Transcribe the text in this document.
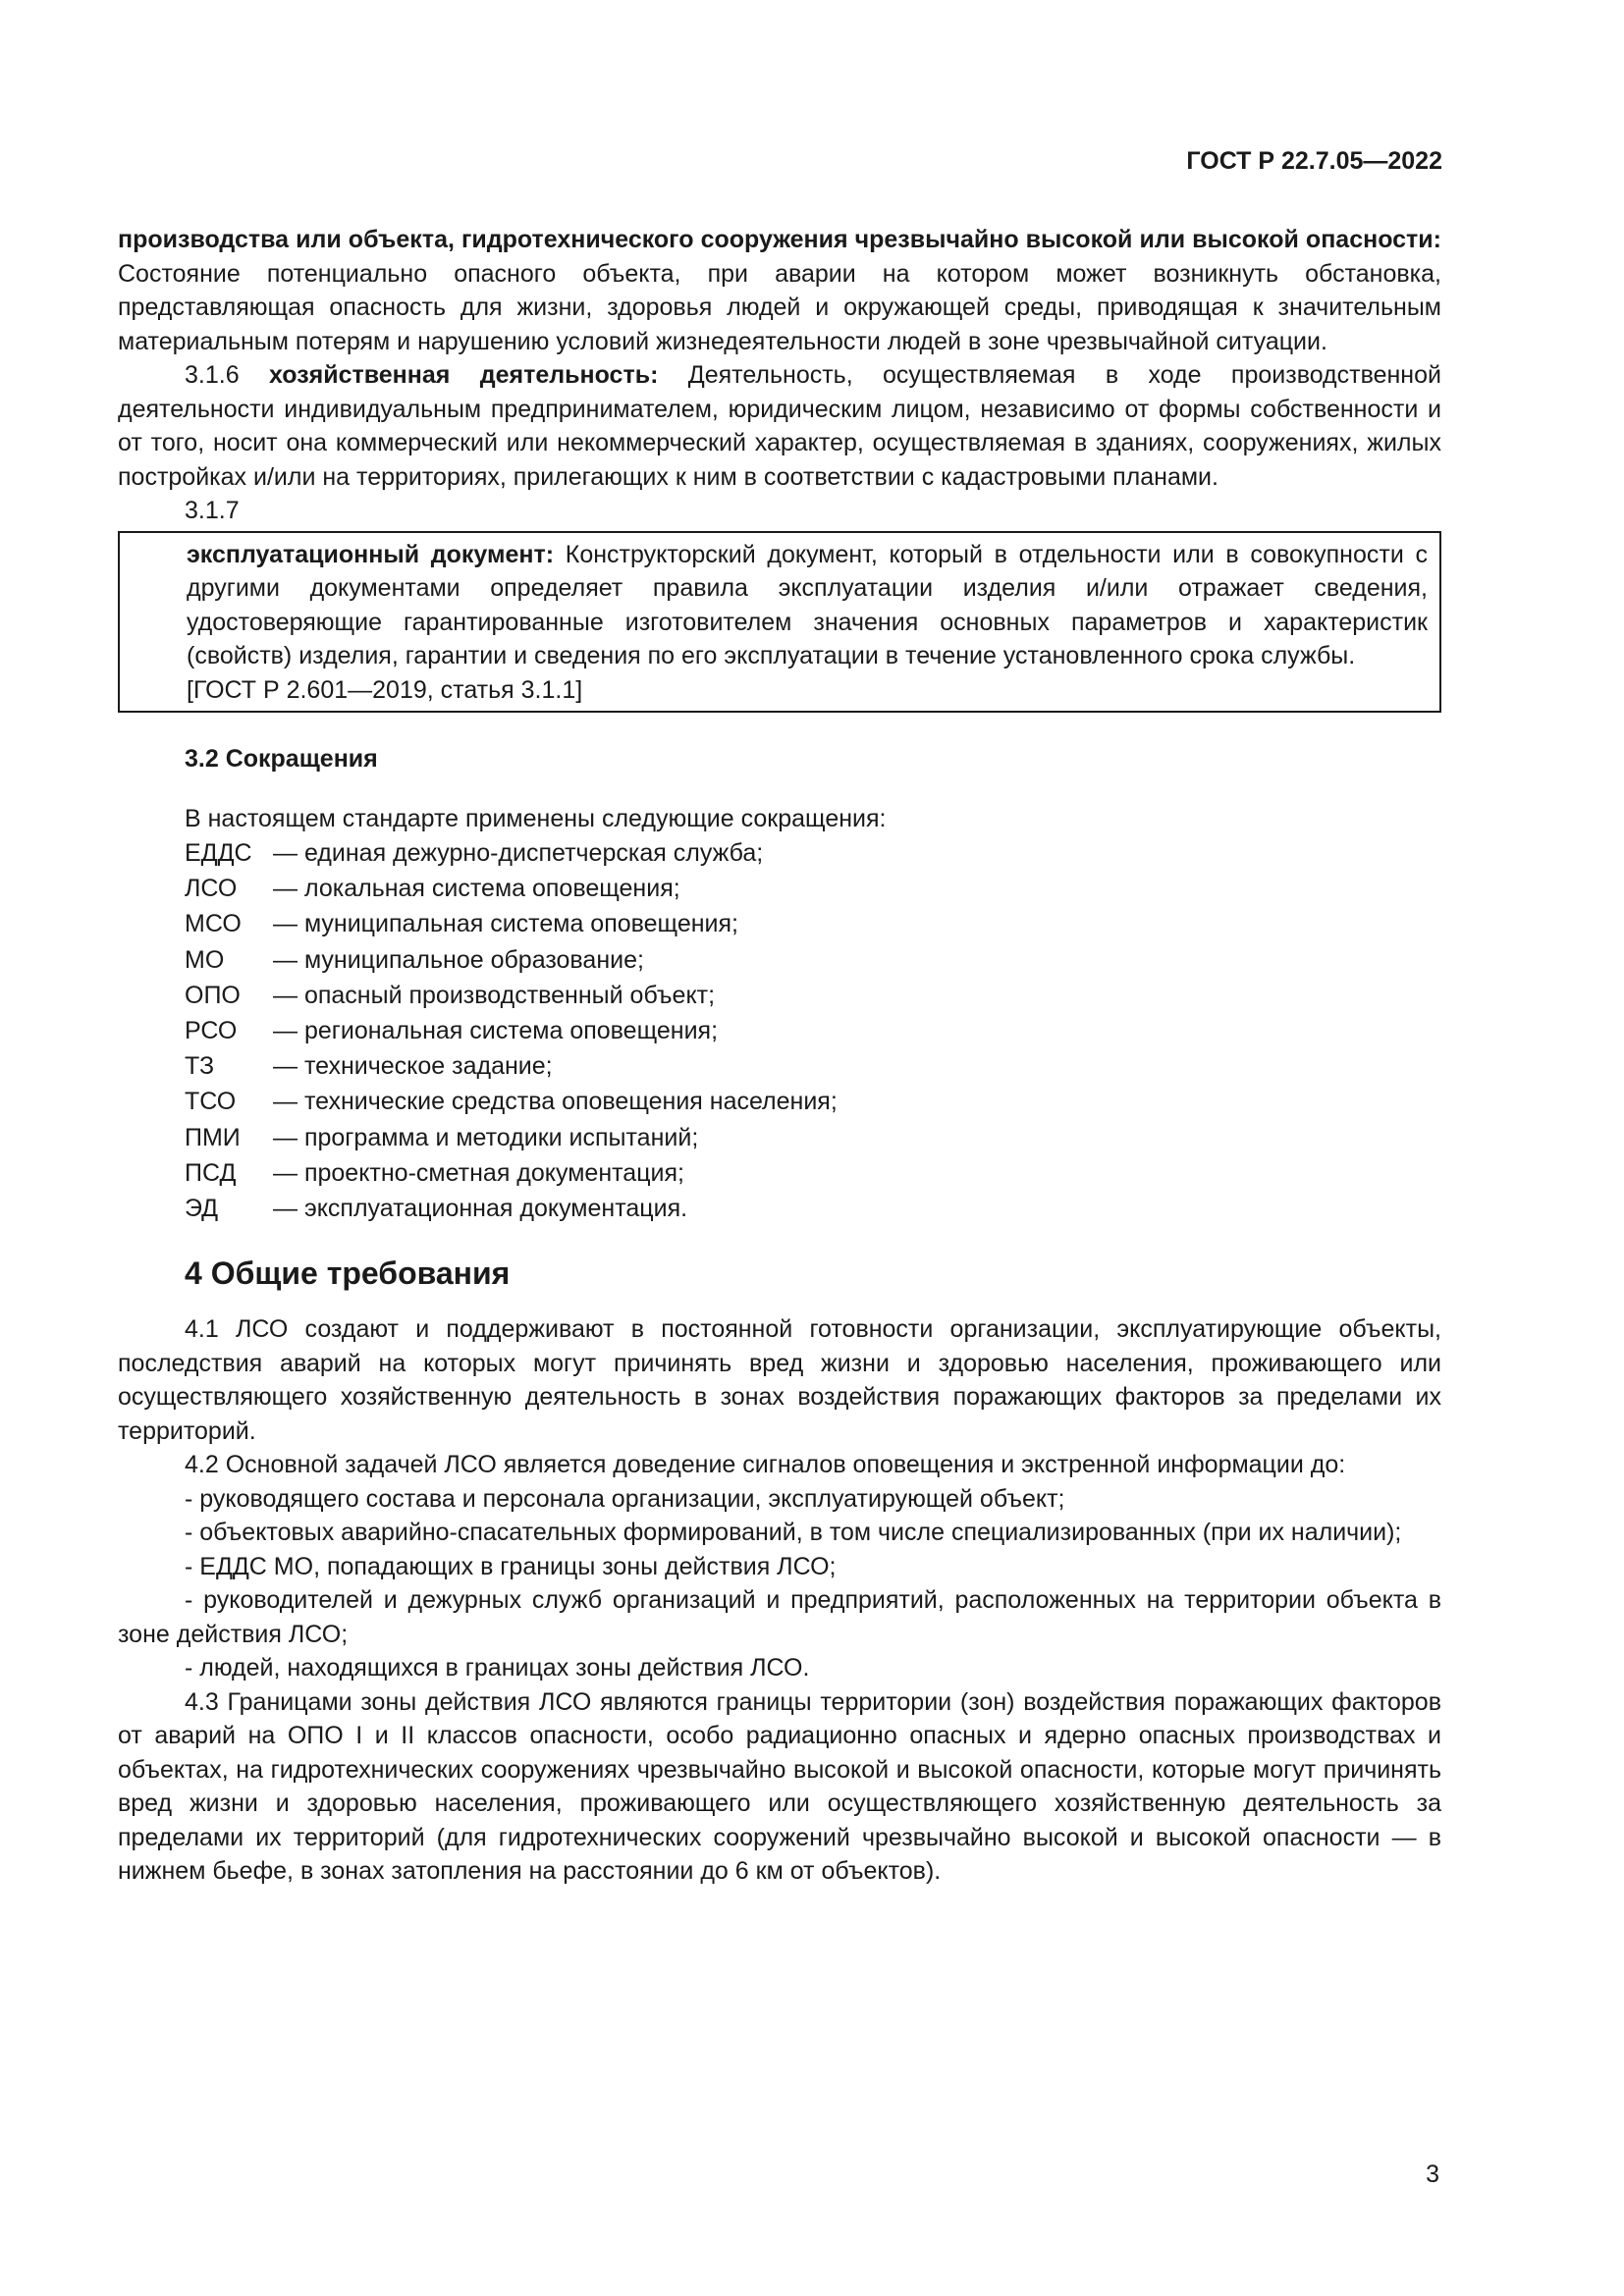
ГОСТ Р 22.7.05—2022

производства или объекта, гидротехнического сооружения чрезвычайно высокой или высокой опасности: Состояние потенциально опасного объекта, при аварии на котором может возникнуть обстановка, представляющая опасность для жизни, здоровья людей и окружающей среды, приводящая к значительным материальным потерям и нарушению условий жизнедеятельности людей в зоне чрезвычайной ситуации.

3.1.6 хозяйственная деятельность: Деятельность, осуществляемая в ходе производственной деятельности индивидуальным предпринимателем, юридическим лицом, независимо от формы собственности и от того, носит она коммерческий или некоммерческий характер, осуществляемая в зданиях, сооружениях, жилых постройках и/или на территориях, прилегающих к ним в соответствии с кадастровыми планами.

3.1.7

эксплуатационный документ: Конструкторский документ, который в отдельности или в совокупности с другими документами определяет правила эксплуатации изделия и/или отражает сведения, удостоверяющие гарантированные изготовителем значения основных параметров и характеристик (свойств) изделия, гарантии и сведения по его эксплуатации в течение установленного срока службы.

[ГОСТ Р 2.601—2019, статья 3.1.1]

3.2 Сокращения
В настоящем стандарте применены следующие сокращения:
ЕДДС — единая дежурно-диспетчерская служба;
ЛСО	— локальная система оповещения;
МСО	— муниципальная система оповещения;
МО	— муниципальное образование;
ОПО	— опасный производственный объект;
РСО	— региональная система оповещения;
ТЗ	— техническое задание;
ТСО	— технические средства оповещения населения;
ПМИ	— программа и методики испытаний;
ПСД	— проектно-сметная документация;
ЭД	— эксплуатационная документация.
4 Общие требования

4.1 ЛСО создают и поддерживают в постоянной готовности организации, эксплуатирующие объекты, последствия аварий на которых могут причинять вред жизни и здоровью населения, проживающего или осуществляющего хозяйственную деятельность в зонах воздействия поражающих факторов за пределами их территорий.

4.2 Основной задачей ЛСО является доведение сигналов оповещения и экстренной информации до:

- руководящего состава и персонала организации, эксплуатирующей объект;

- объектовых аварийно-спасательных формирований, в том числе специализированных (при их наличии);

- ЕДДС МО, попадающих в границы зоны действия ЛСО;

- руководителей и дежурных служб организаций и предприятий, расположенных на территории объекта в зоне действия ЛСО;

- людей, находящихся в границах зоны действия ЛСО.

4.3 Границами зоны действия ЛСО являются границы территории (зон) воздействия поражающих факторов от аварий на ОПО I и II классов опасности, особо радиационно опасных и ядерно опасных производствах и объектах, на гидротехнических сооружениях чрезвычайно высокой и высокой опасности, которые могут причинять вред жизни и здоровью населения, проживающего или осуществляющего хозяйственную деятельность за пределами их территорий (для гидротехнических сооружений чрезвычайно высокой и высокой опасности — в нижнем бьефе, в зонах затопления на расстоянии до 6 км от объектов).

3
